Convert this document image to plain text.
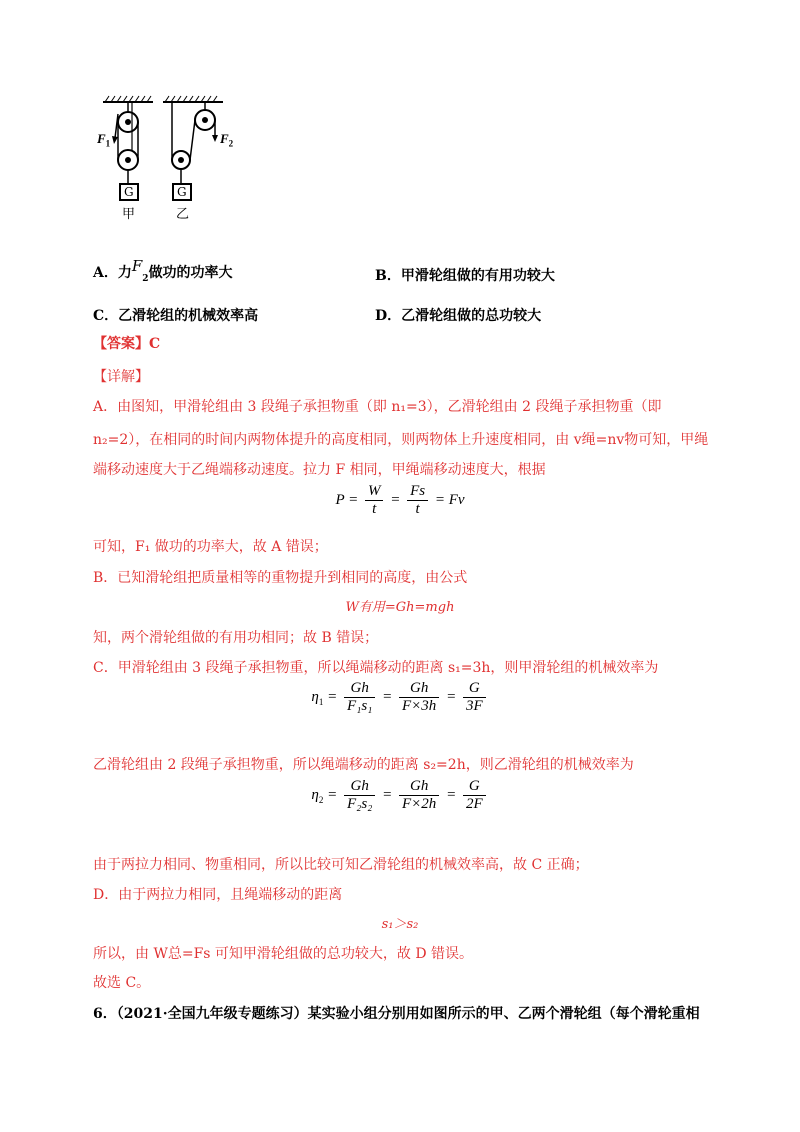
$F_1$	$F_2$
G	G
甲	乙
A．力$F_2$做功的功率大	B．甲滑轮组做的有用功较大
C．乙滑轮组的机械效率高	D．乙滑轮组做的总功较大
【答案】C
【详解】
A．由图知，甲滑轮组由 3 段绳子承担物重（即 n₁=3），乙滑轮组由 2 段绳子承担物重（即
n₂=2），在相同的时间内两物体提升的高度相同，则两物体上升速度相同，由 v绳=nv物可知，甲绳
端移动速度大于乙绳端移动速度。拉力 F 相同，甲绳端移动速度大，根据
$P = \frac{W}{t} = \frac{Fs}{t} = Fv$
可知，F₁ 做功的功率大，故 A 错误；
B．已知滑轮组把质量相等的重物提升到相同的高度，由公式
W有用=Gh=mgh
知，两个滑轮组做的有用功相同；故 B 错误；
C．甲滑轮组由 3 段绳子承担物重，所以绳端移动的距离 s₁=3h，则甲滑轮组的机械效率为
$\eta_1 = \frac{Gh}{\text{F₁s₁}} = \frac{Gh}{F\times 3h} = \frac{G}{3F}$
乙滑轮组由 2 段绳子承担物重，所以绳端移动的距离 s₂=2h，则乙滑轮组的机械效率为
$\eta_2 = \frac{Gh}{\text{F₂s₂}} = \frac{Gh}{F\times 2h} = \frac{G}{2F}$
由于两拉力相同、物重相同，所以比较可知乙滑轮组的机械效率高，故 C 正确；
D．由于两拉力相同，且绳端移动的距离
s₁＞s₂
所以，由 W总=Fs 可知甲滑轮组做的总功较大，故 D 错误。
故选 C。
6．（2021·全国九年级专题练习）某实验小组分别用如图所示的甲、乙两个滑轮组（每个滑轮重相
